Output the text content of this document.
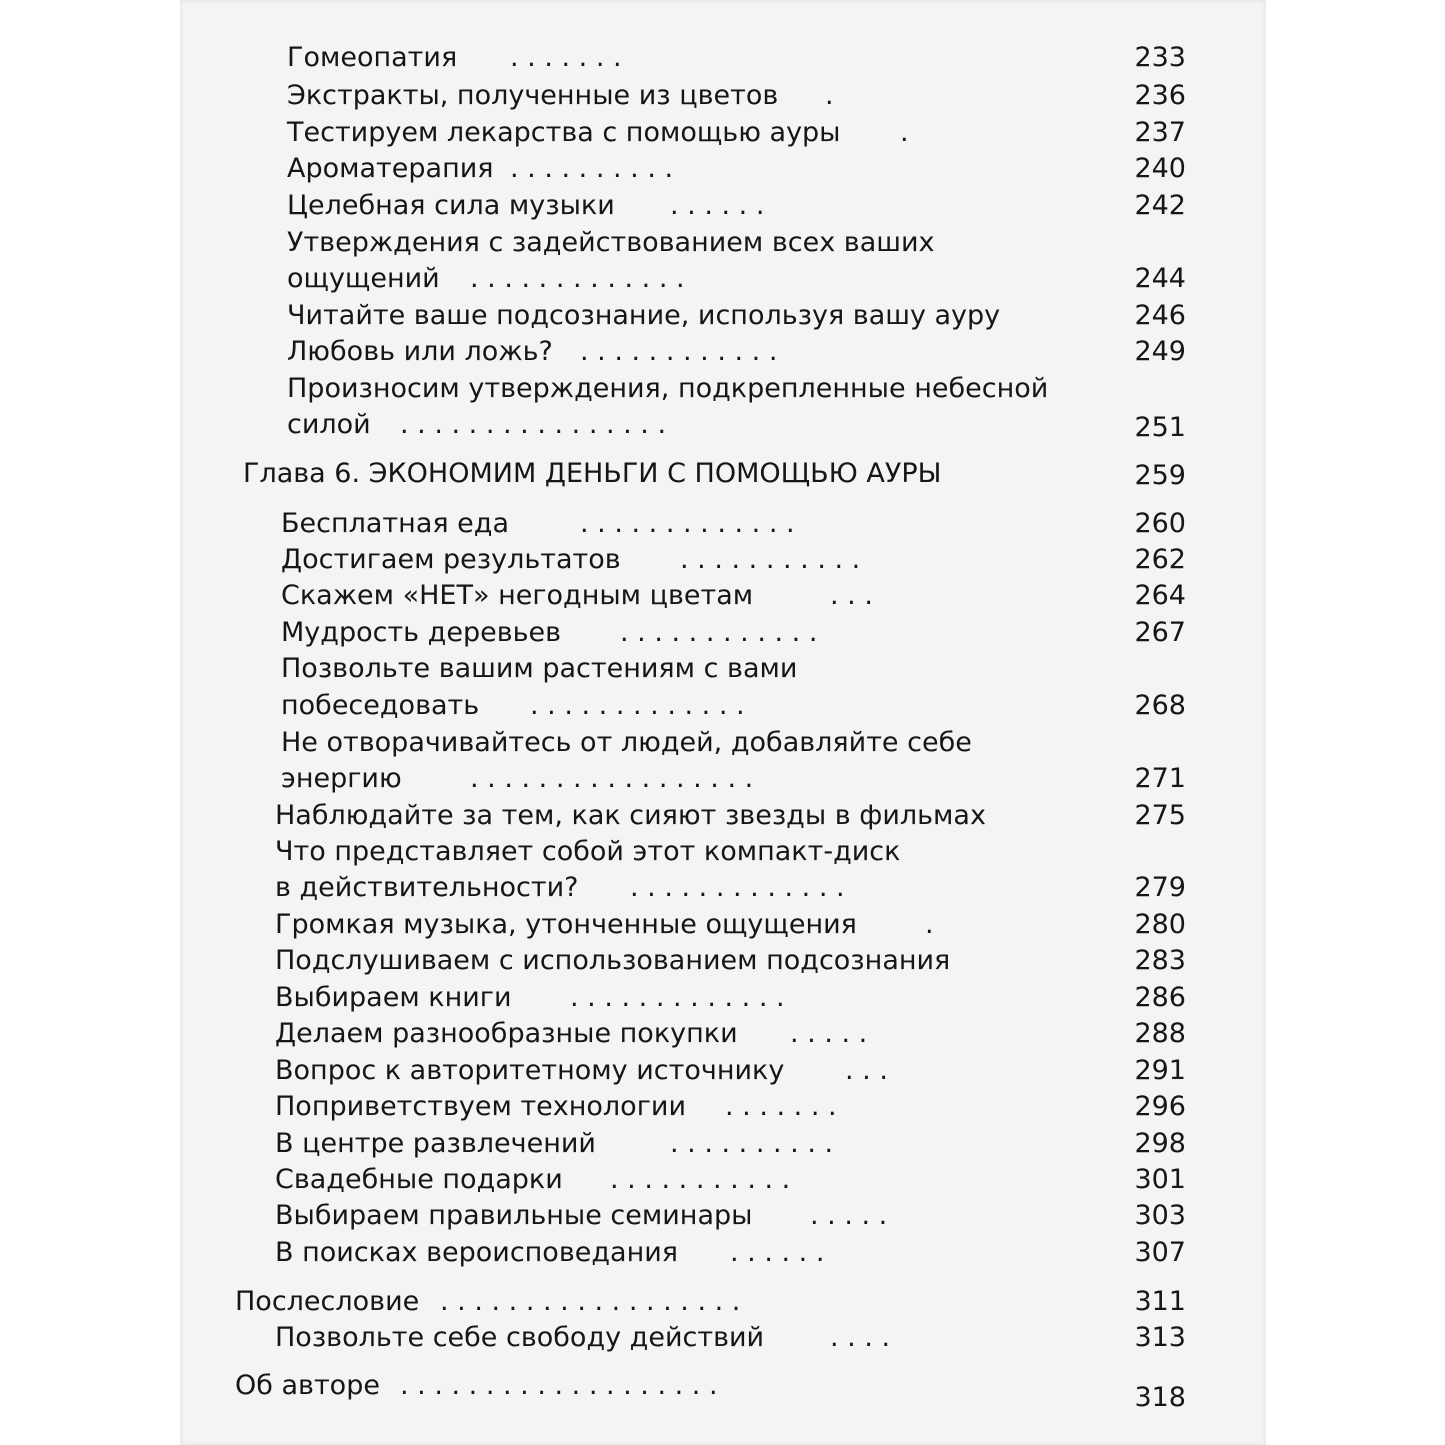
Гомеопатия . . . . . . .	233
Экстракты, полученные из цветов .	236
Тестируем лекарства с помощью ауры .	237
Ароматерапия . . . . . . . . . .	240
Целебная сила музыки . . . . . .	242
Утверждения с задействованием всех ваших
ощущений . . . . . . . . . . . . .	244
Читайте ваше подсознание, используя вашу ауру	246
Любовь или ложь? . . . . . . . . . . . .	249
Произносим утверждения, подкрепленные небесной
силой . . . . . . . . . . . . . . . .	251
Глава 6. ЭКОНОМИМ ДЕНЬГИ С ПОМОЩЬЮ АУРЫ	259
Бесплатная еда	. . . . . . . . . . . . .	260
Достигаем результатов . . . . . . . . . . .	262
Скажем «НЕТ» негодным цветам	. . .	264
Мудрость деревьев . . . . . . . . . . . .	267
Позвольте вашим растениям с вами
побеседовать . . . . . . . . . . . . .	268
Не отворачивайтесь от людей, добавляйте себе
энергию	. . . . . . . . . . . . . . . . .	271
Наблюдайте за тем, как сияют звезды в фильмах	275
Что представляет собой этот компакт-диск
в действительности? . . . . . . . . . . . . .	279
Громкая музыка, утонченные ощущения	.	280
Подслушиваем с использованием подсознания	283
Выбираем книги . . . . . . . . . . . . .	286
Делаем разнообразные покупки . . . . .	288
Вопрос к авторитетному источнику . . .	291
Поприветствуем технологии . . . . . . .	296
В центре развлечений	. . . . . . . . . .	298
Свадебные подарки . . . . . . . . . . .	301
Выбираем правильные семинары . . . . .	303
В поисках вероисповедания . . . . . .	307
Послесловие . . . . . . . . . . . . . . . . . .	311
Позвольте себе свободу действий . . . .	313
Об авторе . . . . . . . . . . . . . . . . . . .	318
